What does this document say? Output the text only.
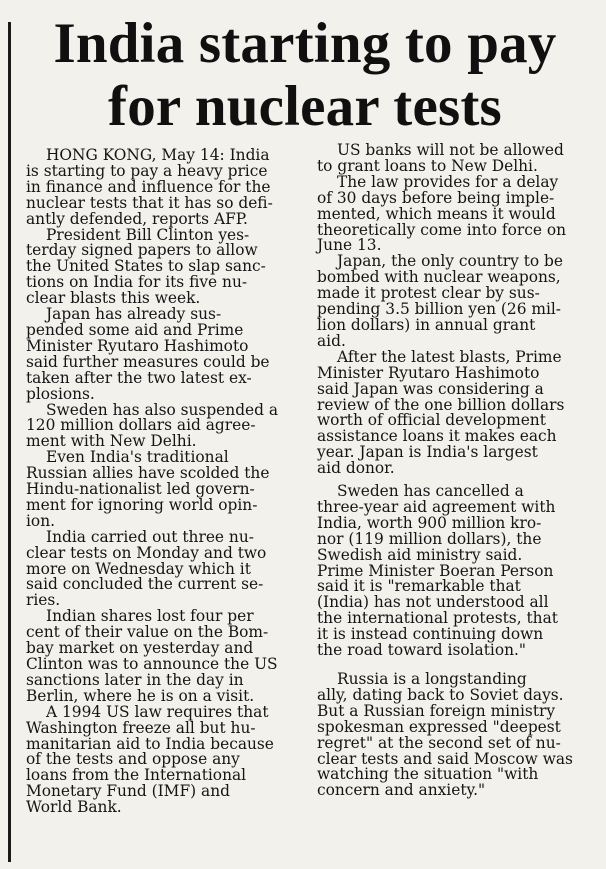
India starting to pay
for nuclear tests

HONG KONG, May 14: India
is starting to pay a heavy price
in finance and influence for the
nuclear tests that it has so defi-
antly defended, reports AFP.

President Bill Clinton yes-
terday signed papers to allow
the United States to slap sanc-
tions on India for its five nu-
clear blasts this week.

Japan has already sus-
pended some aid and Prime
Minister Ryutaro Hashimoto
said further measures could be
taken after the two latest ex-
plosions.

Sweden has also suspended a
120 million dollars aid agree-
ment with New Delhi.

Even India's traditional
Russian allies have scolded the
Hindu-nationalist led govern-
ment for ignoring world opin-
ion.

India carried out three nu-
clear tests on Monday and two
more on Wednesday which it
said concluded the current se-
ries.

Indian shares lost four per
cent of their value on the Bom-
bay market on yesterday and
Clinton was to announce the US
sanctions later in the day in
Berlin, where he is on a visit.

A 1994 US law requires that
Washington freeze all but hu-
manitarian aid to India because
of the tests and oppose any
loans from the International
Monetary Fund (IMF) and
World Bank.

US banks will not be allowed
to grant loans to New Delhi.

The law provides for a delay
of 30 days before being imple-
mented, which means it would
theoretically come into force on
June 13.

Japan, the only country to be
bombed with nuclear weapons,
made it protest clear by sus-
pending 3.5 billion yen (26 mil-
lion dollars) in annual grant
aid.

After the latest blasts, Prime
Minister Ryutaro Hashimoto
said Japan was considering a
review of the one billion dollars
worth of official development
assistance loans it makes each
year. Japan is India's largest
aid donor.

Sweden has cancelled a
three-year aid agreement with
India, worth 900 million kro-
nor (119 million dollars), the
Swedish aid ministry said.
Prime Minister Boeran Person
said it is "remarkable that
(India) has not understood all
the international protests, that
it is instead continuing down
the road toward isolation."

Russia is a longstanding
ally, dating back to Soviet days.
But a Russian foreign ministry
spokesman expressed "deepest
regret" at the second set of nu-
clear tests and said Moscow was
watching the situation "with
concern and anxiety."
